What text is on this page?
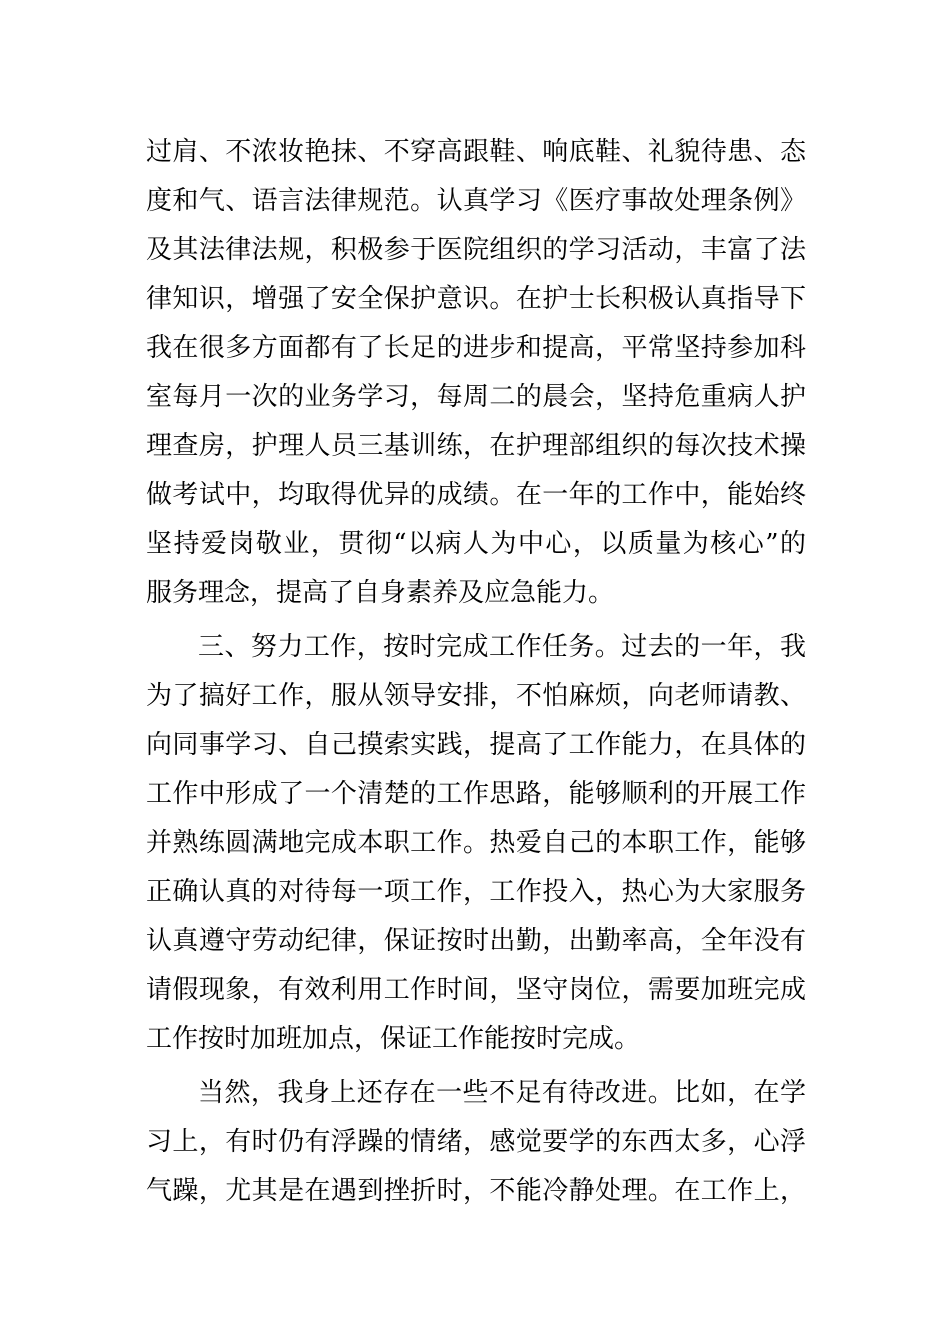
过肩、不浓妆艳抹、不穿高跟鞋、响底鞋、礼貌待患、态
度和气、语言法律规范。认真学习《医疗事故处理条例》
及其法律法规，积极参于医院组织的学习活动，丰富了法
律知识，增强了安全保护意识。在护士长积极认真指导下
我在很多方面都有了长足的进步和提高，平常坚持参加科
室每月一次的业务学习，每周二的晨会，坚持危重病人护
理查房，护理人员三基训练，在护理部组织的每次技术操
做考试中，均取得优异的成绩。在一年的工作中，能始终
坚持爱岗敬业，贯彻“以病人为中心，以质量为核心”的
服务理念，提高了自身素养及应急能力。
三、努力工作，按时完成工作任务。过去的一年，我
为了搞好工作，服从领导安排，不怕麻烦，向老师请教、
向同事学习、自己摸索实践，提高了工作能力，在具体的
工作中形成了一个清楚的工作思路，能够顺利的开展工作
并熟练圆满地完成本职工作。热爱自己的本职工作，能够
正确认真的对待每一项工作，工作投入，热心为大家服务
认真遵守劳动纪律，保证按时出勤，出勤率高，全年没有
请假现象，有效利用工作时间，坚守岗位，需要加班完成
工作按时加班加点，保证工作能按时完成。
当然，我身上还存在一些不足有待改进。比如，在学
习上，有时仍有浮躁的情绪，感觉要学的东西太多，心浮
气躁，尤其是在遇到挫折时，不能冷静处理。在工作上，
